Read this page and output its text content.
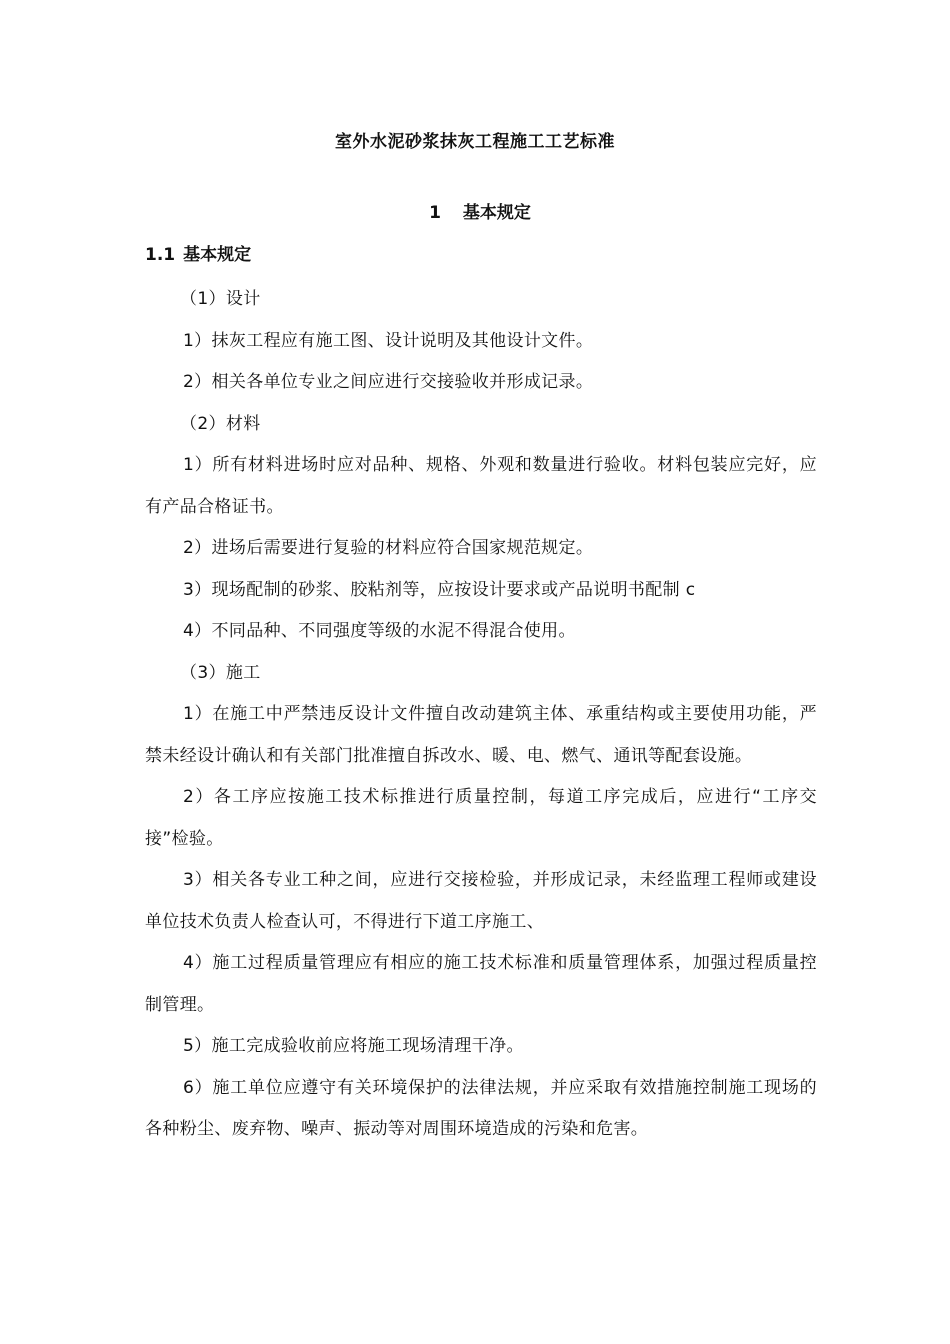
室外水泥砂浆抹灰工程施工工艺标准
1 基本规定
1.1 基本规定

（1）设计

1）抹灰工程应有施工图、设计说明及其他设计文件。

2）相关各单位专业之间应进行交接验收并形成记录。

（2）材料

1）所有材料进场时应对品种、规格、外观和数量进行验收。材料包装应完好，应有产品合格证书。

2）进场后需要进行复验的材料应符合国家规范规定。

3）现场配制的砂浆、胶粘剂等，应按设计要求或产品说明书配制 c

4）不同品种、不同强度等级的水泥不得混合使用。

（3）施工

1）在施工中严禁违反设计文件擅自改动建筑主体、承重结构或主要使用功能，严禁未经设计确认和有关部门批准擅自拆改水、暖、电、燃气、通讯等配套设施。

2）各工序应按施工技术标推进行质量控制，每道工序完成后，应进行“工序交接”检验。

3）相关各专业工种之间，应进行交接检验，并形成记录，未经监理工程师或建设单位技术负责人检查认可，不得进行下道工序施工、

4）施工过程质量管理应有相应的施工技术标准和质量管理体系，加强过程质量控制管理。

5）施工完成验收前应将施工现场清理干净。

6）施工单位应遵守有关环境保护的法律法规，并应采取有效措施控制施工现场的各种粉尘、废弃物、噪声、振动等对周围环境造成的污染和危害。
